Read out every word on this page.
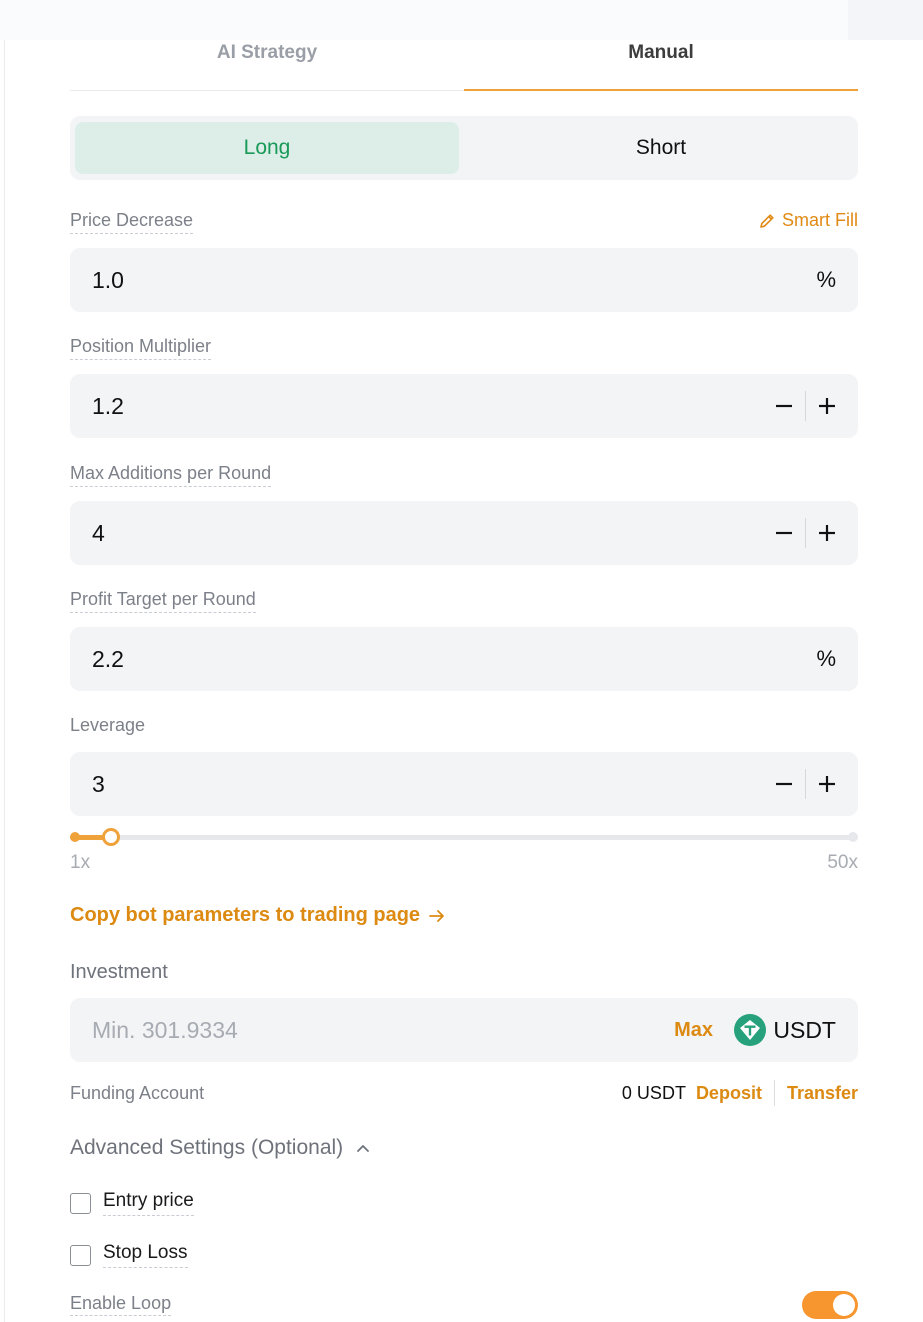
AI Strategy	Manual
Long	Short
Price Decrease	Smart Fill
1.0	%
Position Multiplier
1.2
Max Additions per Round
4
Profit Target per Round
2.2	%
Leverage
3
1x	50x
Copy bot parameters to trading page
Investment
Min. 301.9334	Max	USDT
Funding Account	0 USDT Deposit Transfer
Advanced Settings (Optional)
Entry price
Stop Loss
Enable Loop
